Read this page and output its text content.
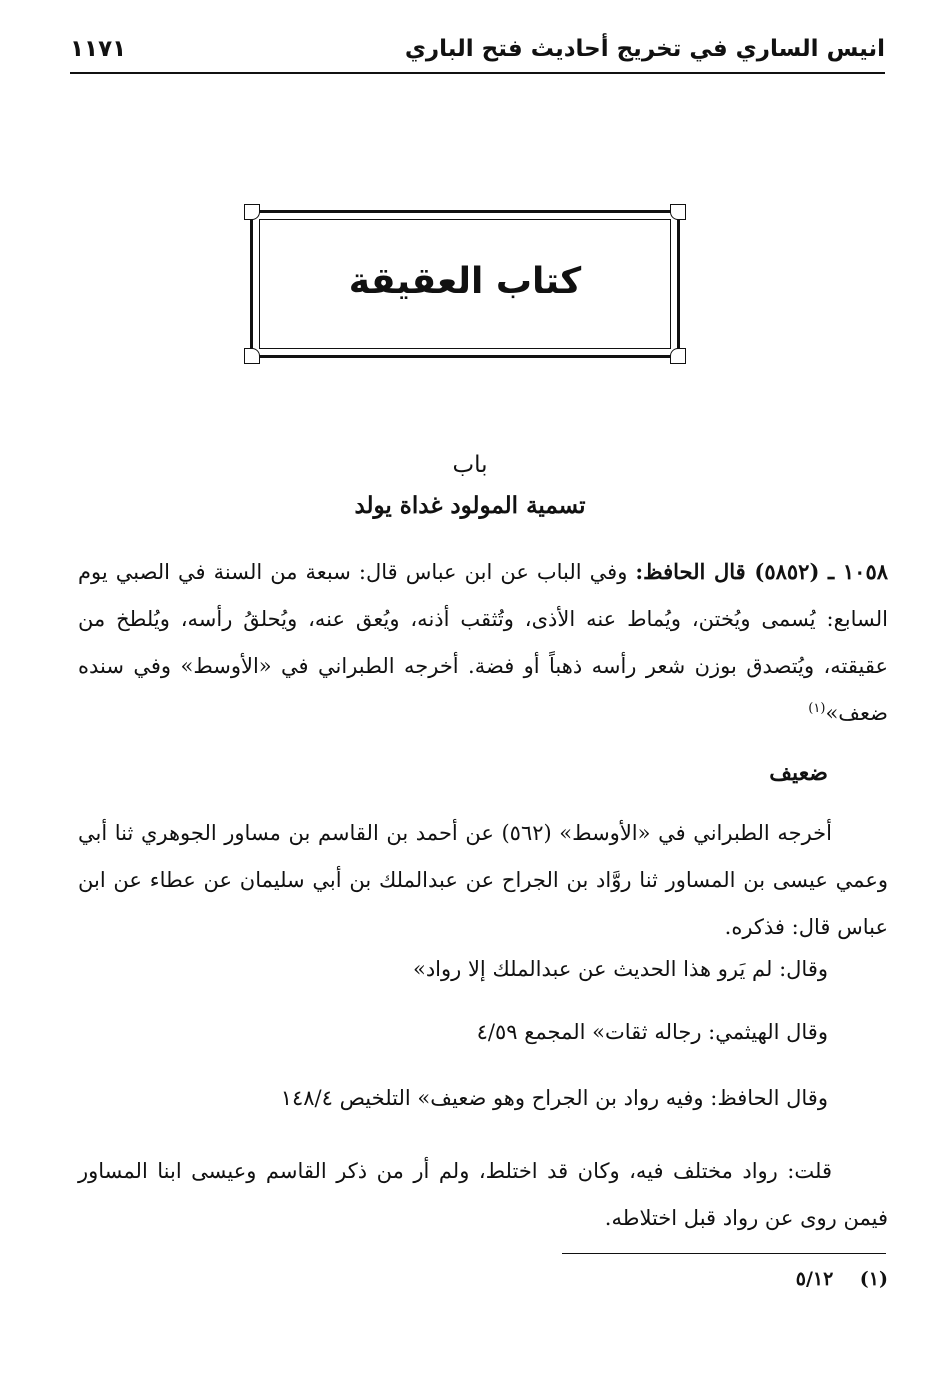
انيس الساري في تخريج أحاديث فتح الباري
١١٧١
كتاب العقيقة
باب
تسمية المولود غداة يولد

١٠٥٨ ـ (٥٨٥٢) قال الحافظ: وفي الباب عن ابن عباس قال: سبعة من السنة في الصبي يوم السابع: يُسمى ويُختن، ويُماط عنه الأذى، وتُثقب أذنه، ويُعق عنه، ويُحلقُ رأسه، ويُلطخ من عقيقته، ويُتصدق بوزن شعر رأسه ذهباً أو فضة. أخرجه الطبراني في «الأوسط» وفي سنده ضعف»$^{(١)}$

ضعيف

أخرجه الطبراني في «الأوسط» (٥٦٢) عن أحمد بن القاسم بن مساور الجوهري ثنا أبي وعمي عيسى بن المساور ثنا روَّاد بن الجراح عن عبدالملك بن أبي سليمان عن عطاء عن ابن عباس قال: فذكره.

وقال: لم يَرو هذا الحديث عن عبدالملك إلا رواد»
وقال الهيثمي: رجاله ثقات» المجمع ٤/٥٩
وقال الحافظ: وفيه رواد بن الجراح وهو ضعيف» التلخيص ١٤٨/٤

قلت: رواد مختلف فيه، وكان قد اختلط، ولم أر من ذكر القاسم وعيسى ابنا المساور فيمن روى عن رواد قبل اختلاطه.

(١)    ٥/١٢
